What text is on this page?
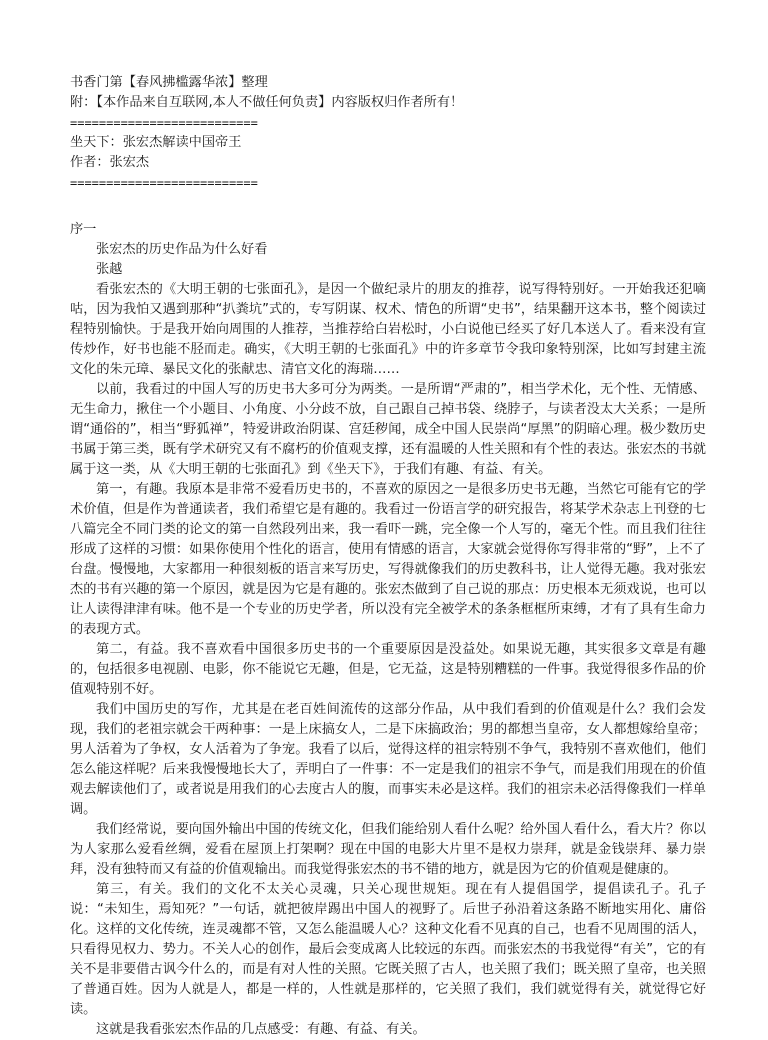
书香门第【春风拂槛露华浓】整理
附：【本作品来自互联网,本人不做任何负责】内容版权归作者所有！
==========================
坐天下：张宏杰解读中国帝王
作者：张宏杰
==========================
序一
张宏杰的历史作品为什么好看
张越

看张宏杰的《大明王朝的七张面孔》，是因一个做纪录片的朋友的推荐，说写得特别好。一开始我还犯嘀咕，因为我怕又遇到那种“扒粪坑”式的，专写阴谋、权术、情色的所谓“史书”，结果翻开这本书，整个阅读过程特别愉快。于是我开始向周围的人推荐，当推荐给白岩松时，小白说他已经买了好几本送人了。看来没有宣传炒作，好书也能不胫而走。确实，《大明王朝的七张面孔》中的许多章节令我印象特别深，比如写封建主流文化的朱元璋、暴民文化的张献忠、清官文化的海瑞……

以前，我看过的中国人写的历史书大多可分为两类。一是所谓“严肃的”，相当学术化，无个性、无情感、无生命力，揪住一个小题目、小角度、小分歧不放，自己跟自己掉书袋、绕脖子，与读者没太大关系；一是所谓“通俗的”，相当“野狐禅”，特爱讲政治阴谋、宫廷秽闻，成全中国人民崇尚“厚黑”的阴暗心理。极少数历史书属于第三类，既有学术研究又有不腐朽的价值观支撑，还有温暖的人性关照和有个性的表达。张宏杰的书就属于这一类，从《大明王朝的七张面孔》到《坐天下》，于我们有趣、有益、有关。

第一，有趣。我原本是非常不爱看历史书的，不喜欢的原因之一是很多历史书无趣，当然它可能有它的学术价值，但是作为普通读者，我们希望它是有趣的。我看过一份语言学的研究报告，将某学术杂志上刊登的七八篇完全不同门类的论文的第一自然段列出来，我一看吓一跳，完全像一个人写的，毫无个性。而且我们往往形成了这样的习惯：如果你使用个性化的语言，使用有情感的语言，大家就会觉得你写得非常的“野”，上不了台盘。慢慢地，大家都用一种很刻板的语言来写历史，写得就像我们的历史教科书，让人觉得无趣。我对张宏杰的书有兴趣的第一个原因，就是因为它是有趣的。张宏杰做到了自己说的那点：历史根本无须戏说，也可以让人读得津津有味。他不是一个专业的历史学者，所以没有完全被学术的条条框框所束缚，才有了具有生命力的表现方式。

第二，有益。我不喜欢看中国很多历史书的一个重要原因是没益处。如果说无趣，其实很多文章是有趣的，包括很多电视剧、电影，你不能说它无趣，但是，它无益，这是特别糟糕的一件事。我觉得很多作品的价值观特别不好。

我们中国历史的写作，尤其是在老百姓间流传的这部分作品，从中我们看到的价值观是什么？我们会发现，我们的老祖宗就会干两种事：一是上床搞女人，二是下床搞政治；男的都想当皇帝，女人都想嫁给皇帝；男人活着为了争权，女人活着为了争宠。我看了以后，觉得这样的祖宗特别不争气，我特别不喜欢他们，他们怎么能这样呢？后来我慢慢地长大了，弄明白了一件事：不一定是我们的祖宗不争气，而是我们用现在的价值观去解读他们了，或者说是用我们的心去度古人的腹，而事实未必是这样。我们的祖宗未必活得像我们一样单调。

我们经常说，要向国外输出中国的传统文化，但我们能给别人看什么呢？给外国人看什么，看大片？你以为人家那么爱看丝绸，爱看在屋顶上打架啊？现在中国的电影大片里不是权力崇拜，就是金钱崇拜、暴力崇拜，没有独特而又有益的价值观输出。而我觉得张宏杰的书不错的地方，就是因为它的价值观是健康的。

第三，有关。我们的文化不太关心灵魂，只关心现世规矩。现在有人提倡国学，提倡读孔子。孔子说：“未知生，焉知死？”一句话，就把彼岸踢出中国人的视野了。后世子孙沿着这条路不断地实用化、庸俗化。这样的文化传统，连灵魂都不管，又怎么能温暖人心？这种文化看不见真的自己，也看不见周围的活人，只看得见权力、势力。不关人心的创作，最后会变成离人比较远的东西。而张宏杰的书我觉得“有关”，它的有关不是非要借古讽今什么的，而是有对人性的关照。它既关照了古人，也关照了我们；既关照了皇帝，也关照了普通百姓。因为人就是人，都是一样的，人性就是那样的，它关照了我们，我们就觉得有关，就觉得它好读。

这就是我看张宏杰作品的几点感受：有趣、有益、有关。
